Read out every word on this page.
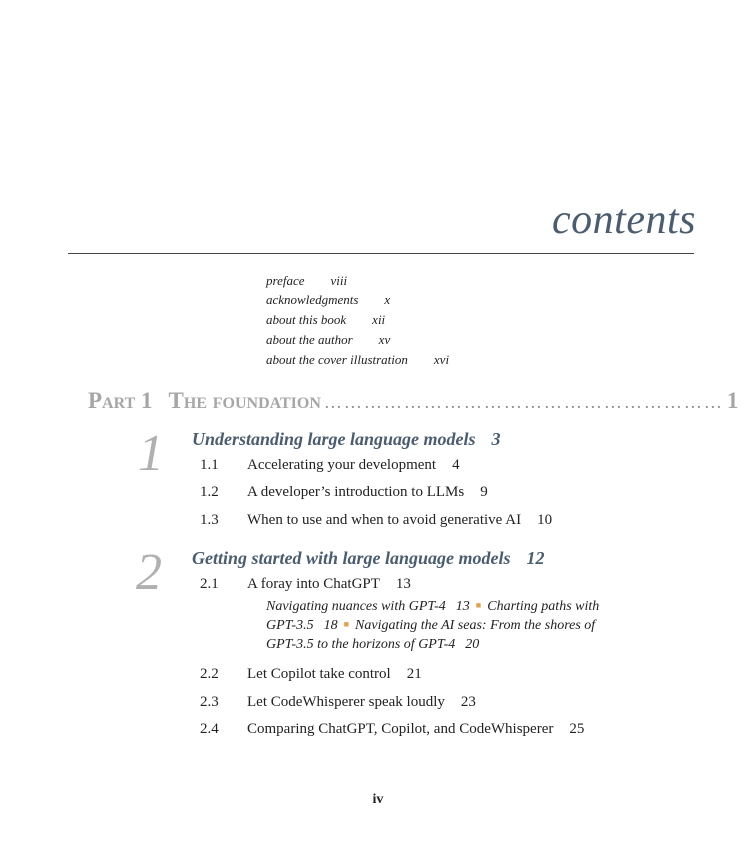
contents
preface viii
acknowledgments x
about this book xii
about the author xv
about the cover illustration xvi
Part 1 The foundation …………………………………………………… 1
1 Understanding large language models 3
1.1 Accelerating your development 4
1.2 A developer’s introduction to LLMs 9
1.3 When to use and when to avoid generative AI 10
2 Getting started with large language models 12
2.1 A foray into ChatGPT 13
Navigating nuances with GPT-4 13 ■ Charting paths with
GPT-3.5 18 ■ Navigating the AI seas: From the shores of
GPT-3.5 to the horizons of GPT-4 20
2.2 Let Copilot take control 21
2.3 Let CodeWhisperer speak loudly 23
2.4 Comparing ChatGPT, Copilot, and CodeWhisperer 25
iv
